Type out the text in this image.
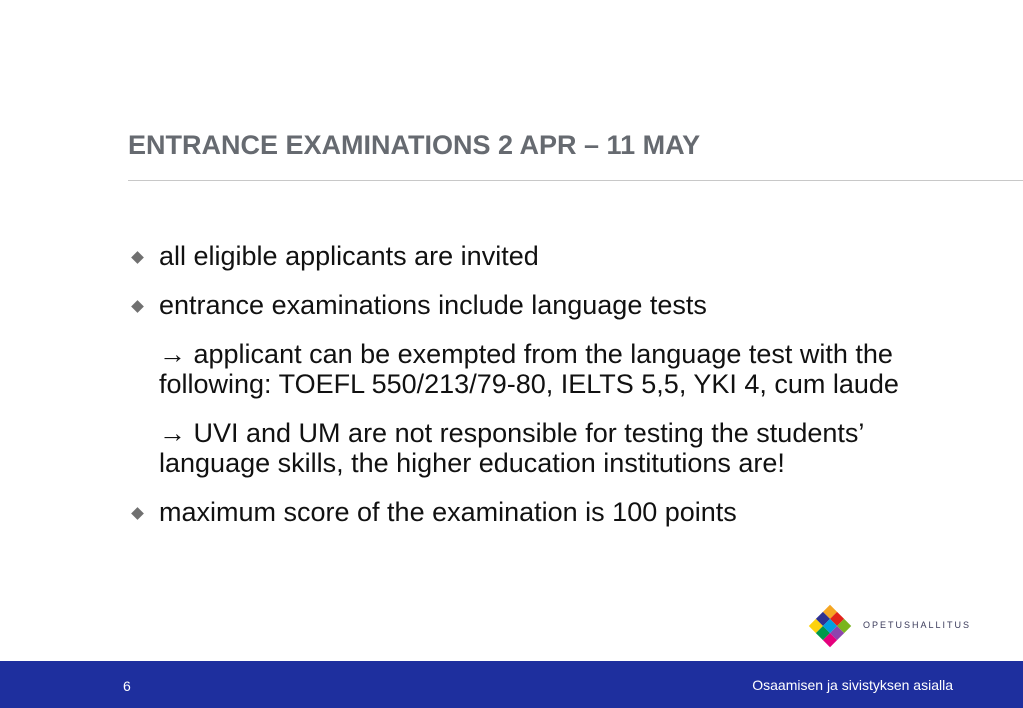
ENTRANCE EXAMINATIONS 2 APR – 11 MAY
all eligible applicants are invited
entrance examinations include language tests
→ applicant can be exempted from the language test with the following: TOEFL 550/213/79-80, IELTS 5,5, YKI 4, cum laude
→ UVI and UM are not responsible for testing the students’ language skills, the higher education institutions are!
maximum score of the examination is 100 points
OPETUSHALLITUS
6	Osaamisen ja sivistyksen asialla
